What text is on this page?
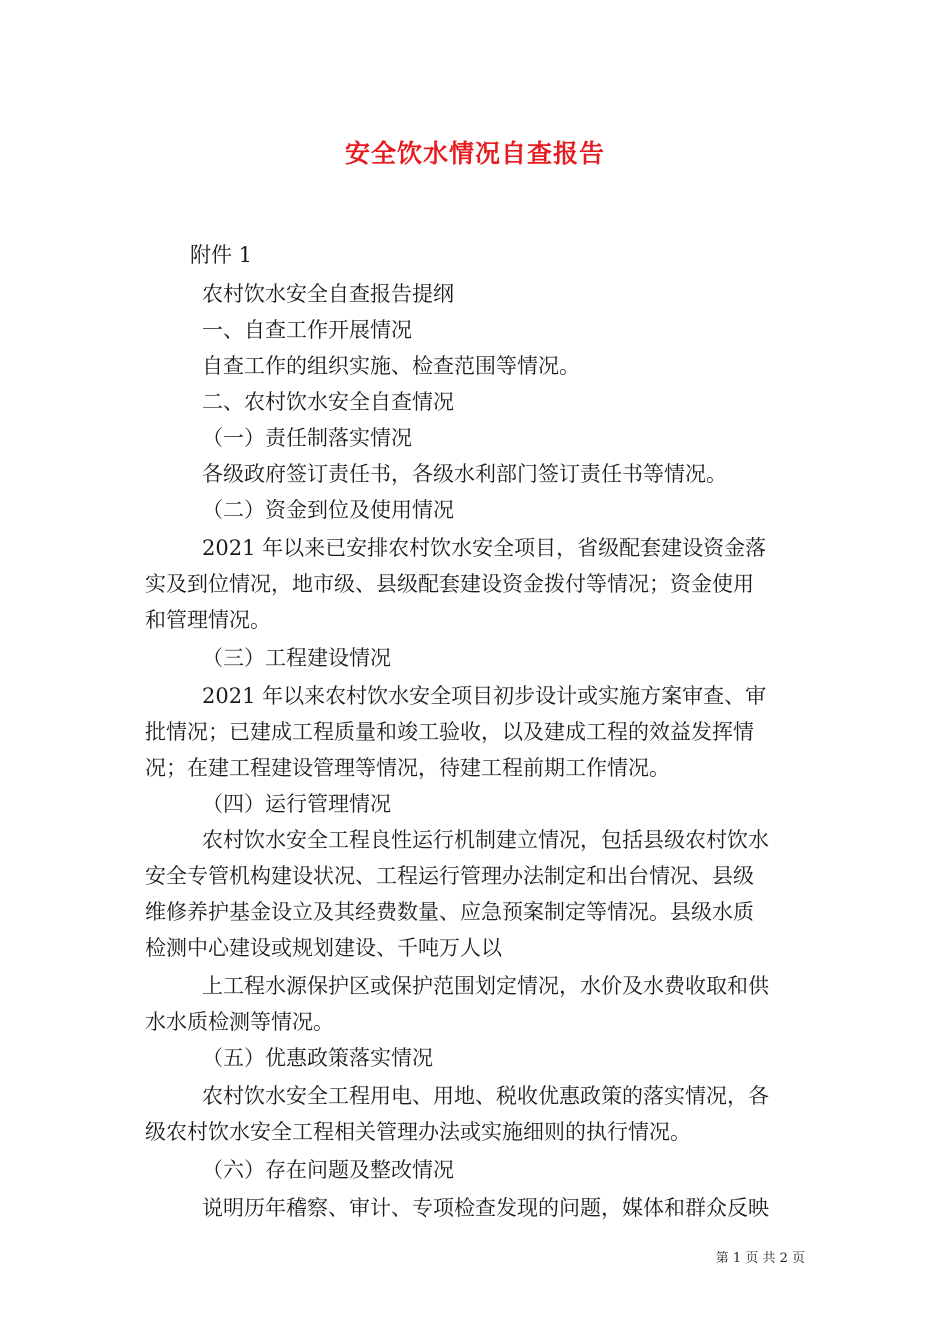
安全饮水情况自查报告
附件 1
农村饮水安全自查报告提纲
一、自查工作开展情况
自查工作的组织实施、检查范围等情况。
二、农村饮水安全自查情况
（一）责任制落实情况
各级政府签订责任书，各级水利部门签订责任书等情况。
（二）资金到位及使用情况
2021 年以来已安排农村饮水安全项目，省级配套建设资金落
实及到位情况，地市级、县级配套建设资金拨付等情况；资金使用
和管理情况。
（三）工程建设情况
2021 年以来农村饮水安全项目初步设计或实施方案审查、审
批情况；已建成工程质量和竣工验收，以及建成工程的效益发挥情
况；在建工程建设管理等情况，待建工程前期工作情况。
（四）运行管理情况
农村饮水安全工程良性运行机制建立情况，包括县级农村饮水
安全专管机构建设状况、工程运行管理办法制定和出台情况、县级
维修养护基金设立及其经费数量、应急预案制定等情况。县级水质
检测中心建设或规划建设、千吨万人以
上工程水源保护区或保护范围划定情况，水价及水费收取和供
水水质检测等情况。
（五）优惠政策落实情况
农村饮水安全工程用电、用地、税收优惠政策的落实情况，各
级农村饮水安全工程相关管理办法或实施细则的执行情况。
（六）存在问题及整改情况
说明历年稽察、审计、专项检查发现的问题，媒体和群众反映
第 1 页 共 2 页
